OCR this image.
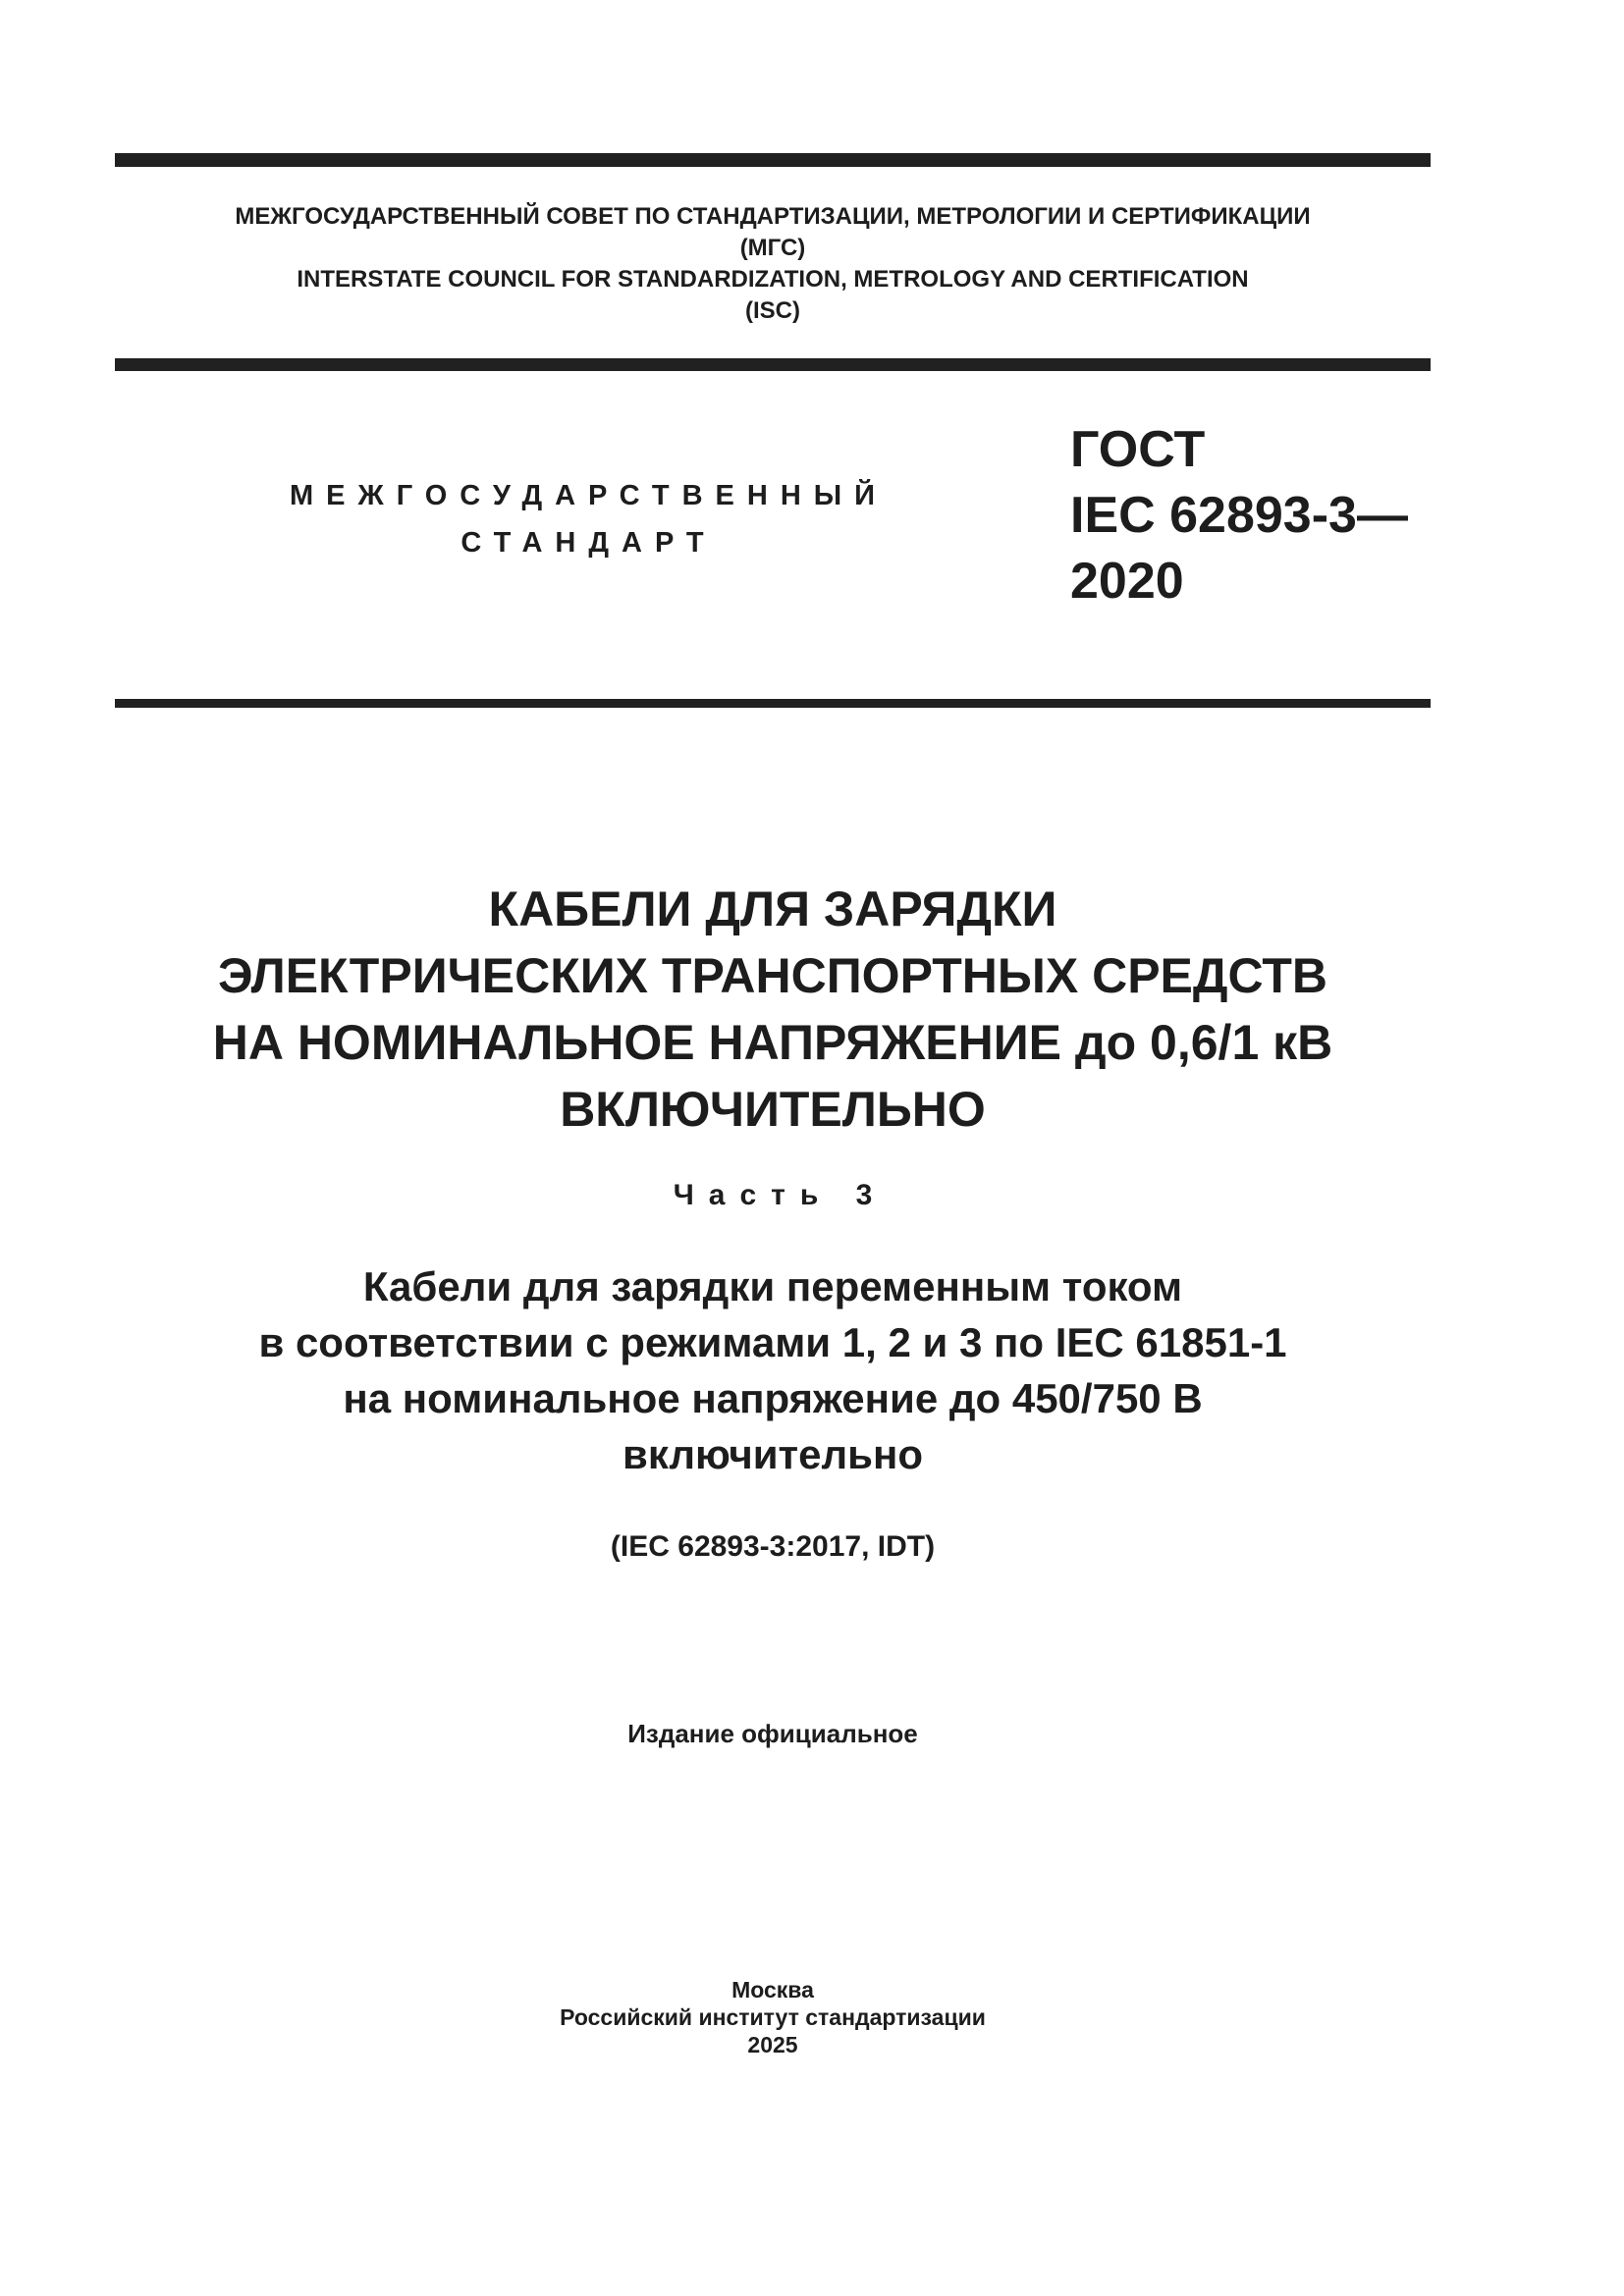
МЕЖГОСУДАРСТВЕННЫЙ СОВЕТ ПО СТАНДАРТИЗАЦИИ, МЕТРОЛОГИИ И СЕРТИФИКАЦИИ
(МГС)
INTERSTATE COUNCIL FOR STANDARDIZATION, METROLOGY AND CERTIFICATION
(ISC)
МЕЖГОСУДАРСТВЕННЫЙ
СТАНДАРТ
ГОСТ
IEC 62893-3—
2020
КАБЕЛИ ДЛЯ ЗАРЯДКИ
ЭЛЕКТРИЧЕСКИХ ТРАНСПОРТНЫХ СРЕДСТВ
НА НОМИНАЛЬНОЕ НАПРЯЖЕНИЕ до 0,6/1 кВ
ВКЛЮЧИТЕЛЬНО
Часть 3
Кабели для зарядки переменным током
в соответствии с режимами 1, 2 и 3 по IEC 61851-1
на номинальное напряжение до 450/750 В
включительно
(IEC 62893-3:2017, IDT)
Издание официальное
Москва
Российский институт стандартизации
2025
